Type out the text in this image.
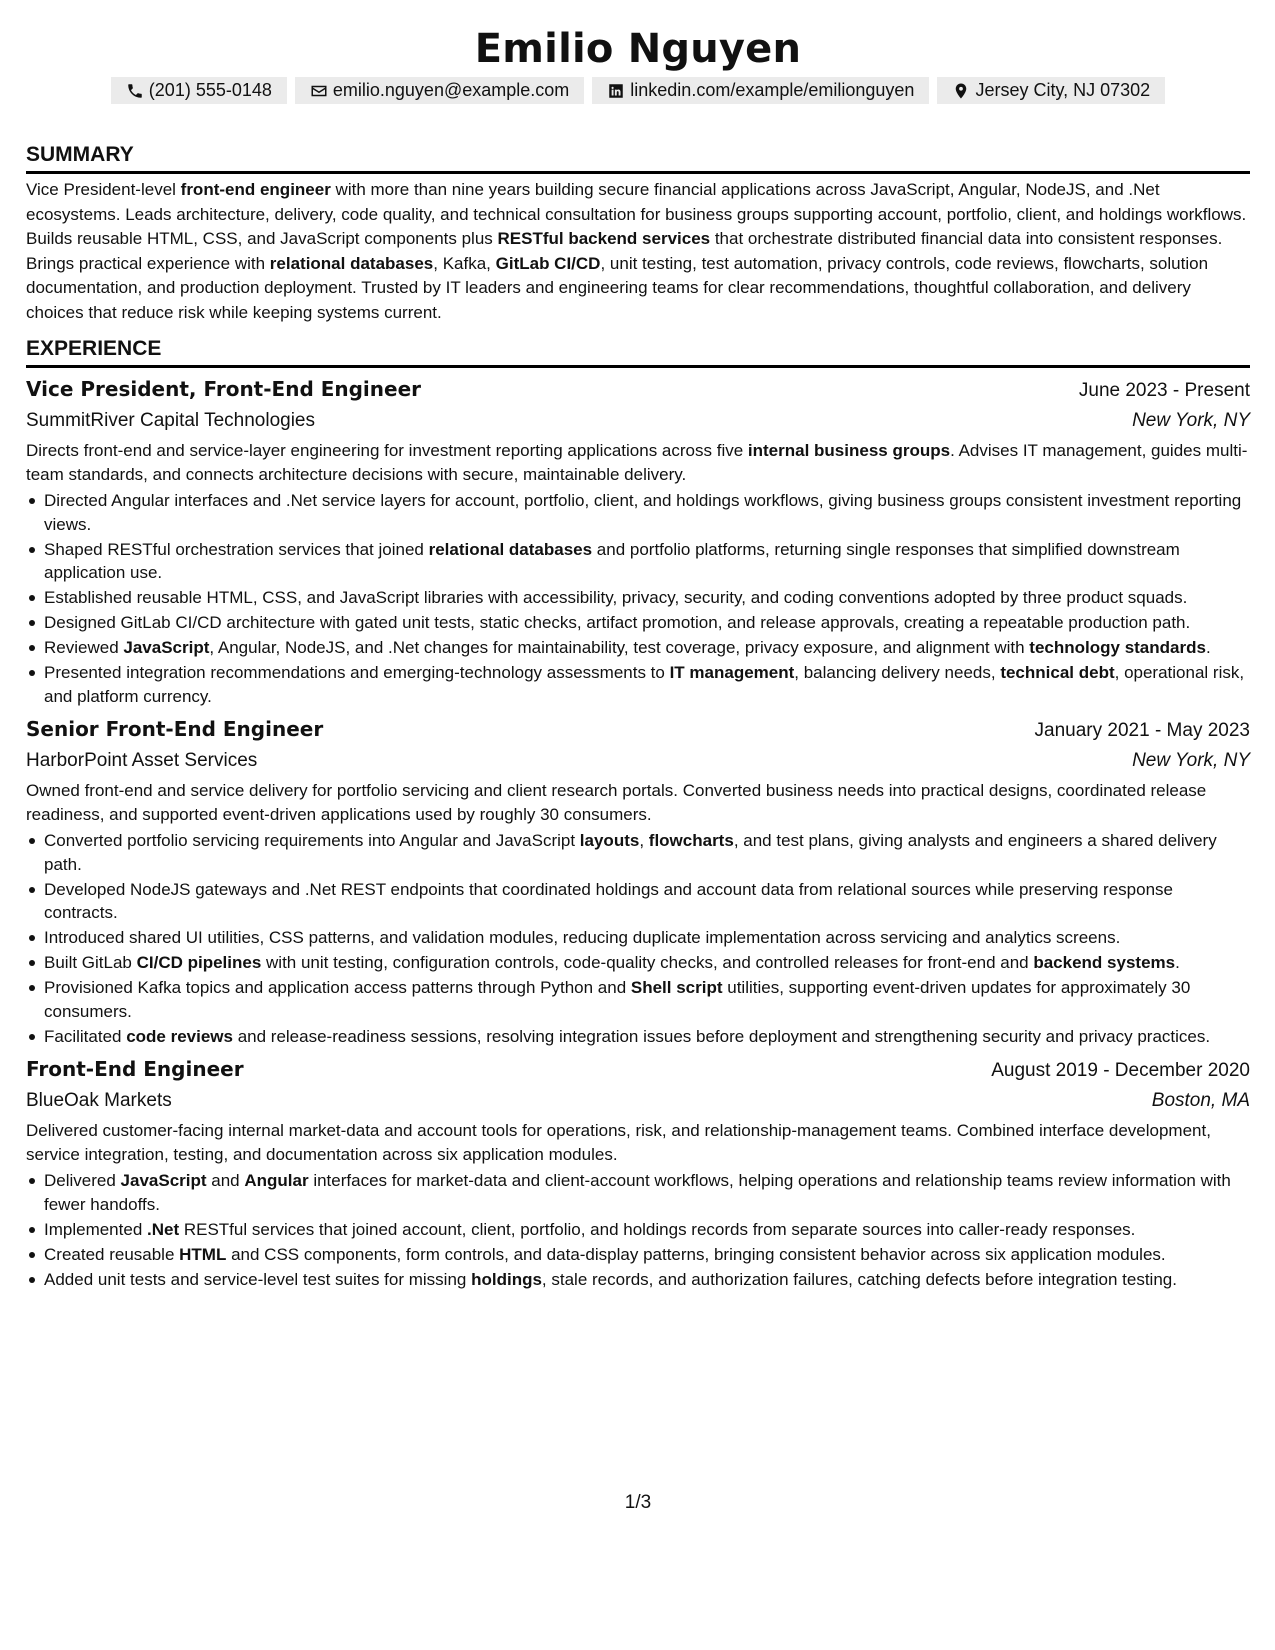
Emilio Nguyen
(201) 555-0148	emilio.nguyen@example.com	linkedin.com/example/emilionguyen	Jersey City, NJ 07302
SUMMARY

Vice President-level front-end engineer with more than nine years building secure financial applications across JavaScript, Angular, NodeJS, and .Net ecosystems. Leads architecture, delivery, code quality, and technical consultation for business groups supporting account, portfolio, client, and holdings workflows. Builds reusable HTML, CSS, and JavaScript components plus RESTful backend services that orchestrate distributed financial data into consistent responses. Brings practical experience with relational databases, Kafka, GitLab CI/CD, unit testing, test automation, privacy controls, code reviews, flowcharts, solution documentation, and production deployment. Trusted by IT leaders and engineering teams for clear recommendations, thoughtful collaboration, and delivery choices that reduce risk while keeping systems current.

EXPERIENCE
Vice President, Front-End Engineer	June 2023 - Present
SummitRiver Capital Technologies	New York, NY

Directs front-end and service-layer engineering for investment reporting applications across five internal business groups. Advises IT management, guides multi-team standards, and connects architecture decisions with secure, maintainable delivery.

Directed Angular interfaces and .Net service layers for account, portfolio, client, and holdings workflows, giving business groups consistent investment reporting views.
Shaped RESTful orchestration services that joined relational databases and portfolio platforms, returning single responses that simplified downstream application use.
Established reusable HTML, CSS, and JavaScript libraries with accessibility, privacy, security, and coding conventions adopted by three product squads.
Designed GitLab CI/CD architecture with gated unit tests, static checks, artifact promotion, and release approvals, creating a repeatable production path.
Reviewed JavaScript, Angular, NodeJS, and .Net changes for maintainability, test coverage, privacy exposure, and alignment with technology standards.
Presented integration recommendations and emerging-technology assessments to IT management, balancing delivery needs, technical debt, operational risk, and platform currency.
Senior Front-End Engineer	January 2021 - May 2023
HarborPoint Asset Services	New York, NY

Owned front-end and service delivery for portfolio servicing and client research portals. Converted business needs into practical designs, coordinated release readiness, and supported event-driven applications used by roughly 30 consumers.

Converted portfolio servicing requirements into Angular and JavaScript layouts, flowcharts, and test plans, giving analysts and engineers a shared delivery path.
Developed NodeJS gateways and .Net REST endpoints that coordinated holdings and account data from relational sources while preserving response contracts.
Introduced shared UI utilities, CSS patterns, and validation modules, reducing duplicate implementation across servicing and analytics screens.
Built GitLab CI/CD pipelines with unit testing, configuration controls, code-quality checks, and controlled releases for front-end and backend systems.
Provisioned Kafka topics and application access patterns through Python and Shell script utilities, supporting event-driven updates for approximately 30 consumers.
Facilitated code reviews and release-readiness sessions, resolving integration issues before deployment and strengthening security and privacy practices.
Front-End Engineer	August 2019 - December 2020
BlueOak Markets	Boston, MA

Delivered customer-facing internal market-data and account tools for operations, risk, and relationship-management teams. Combined interface development, service integration, testing, and documentation across six application modules.

Delivered JavaScript and Angular interfaces for market-data and client-account workflows, helping operations and relationship teams review information with fewer handoffs.
Implemented .Net RESTful services that joined account, client, portfolio, and holdings records from separate sources into caller-ready responses.
Created reusable HTML and CSS components, form controls, and data-display patterns, bringing consistent behavior across six application modules.
Added unit tests and service-level test suites for missing holdings, stale records, and authorization failures, catching defects before integration testing.
1/3
